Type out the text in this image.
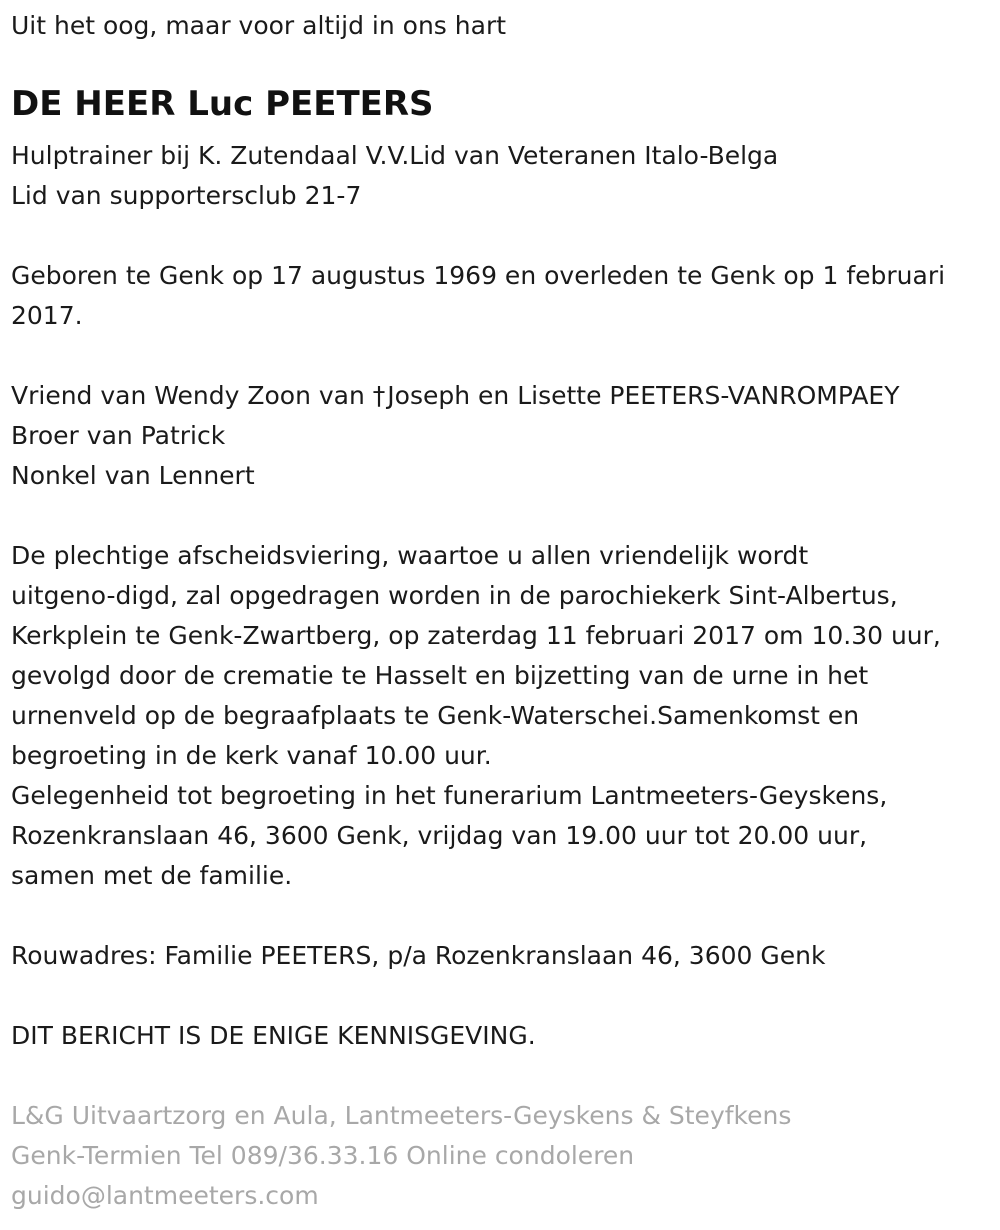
Uit het oog, maar voor altijd in ons hart

DE HEER Luc PEETERS

Hulptrainer bij K. Zutendaal V.V.Lid van Veteranen Italo-Belga

Lid van supportersclub 21-7

Geboren te Genk op 17 augustus 1969 en overleden te Genk op 1 februari

2017.

Vriend van Wendy Zoon van †Joseph en Lisette PEETERS-VANROMPAEY

Broer van Patrick

Nonkel van Lennert

De plechtige afscheidsviering, waartoe u allen vriendelijk wordt

uitgeno-digd, zal opgedragen worden in de parochiekerk Sint-Albertus,

Kerkplein te Genk-Zwartberg, op zaterdag 11 februari 2017 om 10.30 uur,

gevolgd door de crematie te Hasselt en bijzetting van de urne in het

urnenveld op de begraafplaats te Genk-Waterschei.Samenkomst en

begroeting in de kerk vanaf 10.00 uur.

Gelegenheid tot begroeting in het funerarium Lantmeeters-Geyskens,

Rozenkranslaan 46, 3600 Genk, vrijdag van 19.00 uur tot 20.00 uur,

samen met de familie.

Rouwadres: Familie PEETERS, p/a Rozenkranslaan 46, 3600 Genk

DIT BERICHT IS DE ENIGE KENNISGEVING.

L&G Uitvaartzorg en Aula, Lantmeeters-Geyskens & Steyfkens

Genk-Termien Tel 089/36.33.16 Online condoleren

guido@lantmeeters.com
